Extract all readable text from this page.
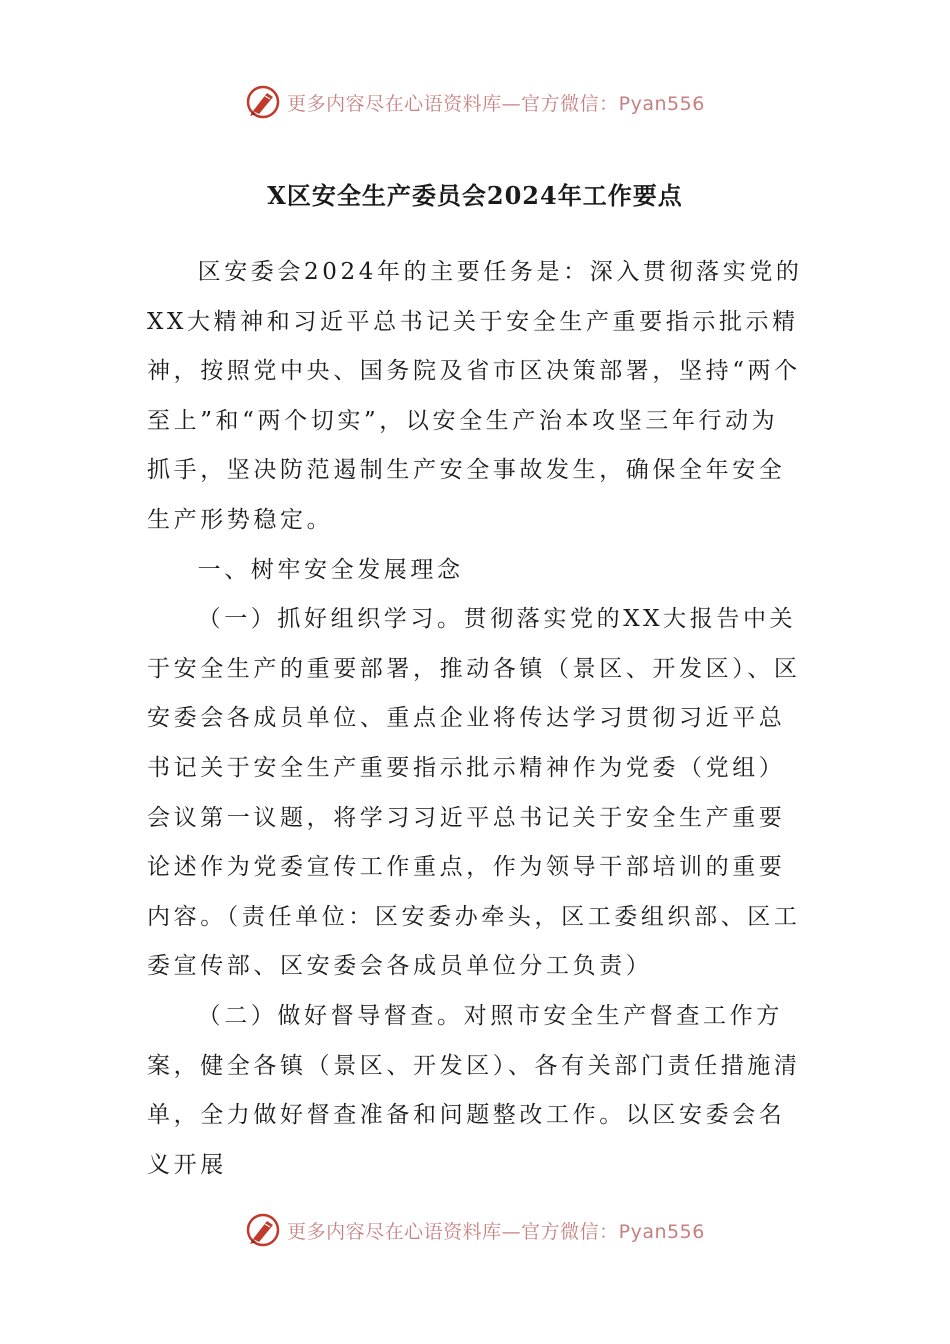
更多内容尽在心语资料库—官方微信：Pyan556
X区安全生产委员会2024年工作要点

区安委会2024年的主要任务是：深入贯彻落实党的XX大精神和习近平总书记关于安全生产重要指示批示精神，按照党中央、国务院及省市区决策部署，坚持“两个至上”和“两个切实”，以安全生产治本攻坚三年行动为抓手，坚决防范遏制生产安全事故发生，确保全年安全生产形势稳定。

一、树牢安全发展理念

（一）抓好组织学习。贯彻落实党的XX大报告中关于安全生产的重要部署，推动各镇（景区、开发区）、区安委会各成员单位、重点企业将传达学习贯彻习近平总书记关于安全生产重要指示批示精神作为党委（党组）会议第一议题，将学习习近平总书记关于安全生产重要论述作为党委宣传工作重点，作为领导干部培训的重要内容。（责任单位：区安委办牵头，区工委组织部、区工委宣传部、区安委会各成员单位分工负责）

（二）做好督导督查。对照市安全生产督查工作方案，健全各镇（景区、开发区）、各有关部门责任措施清单，全力做好督查准备和问题整改工作。以区安委会名义开展

更多内容尽在心语资料库—官方微信：Pyan556
